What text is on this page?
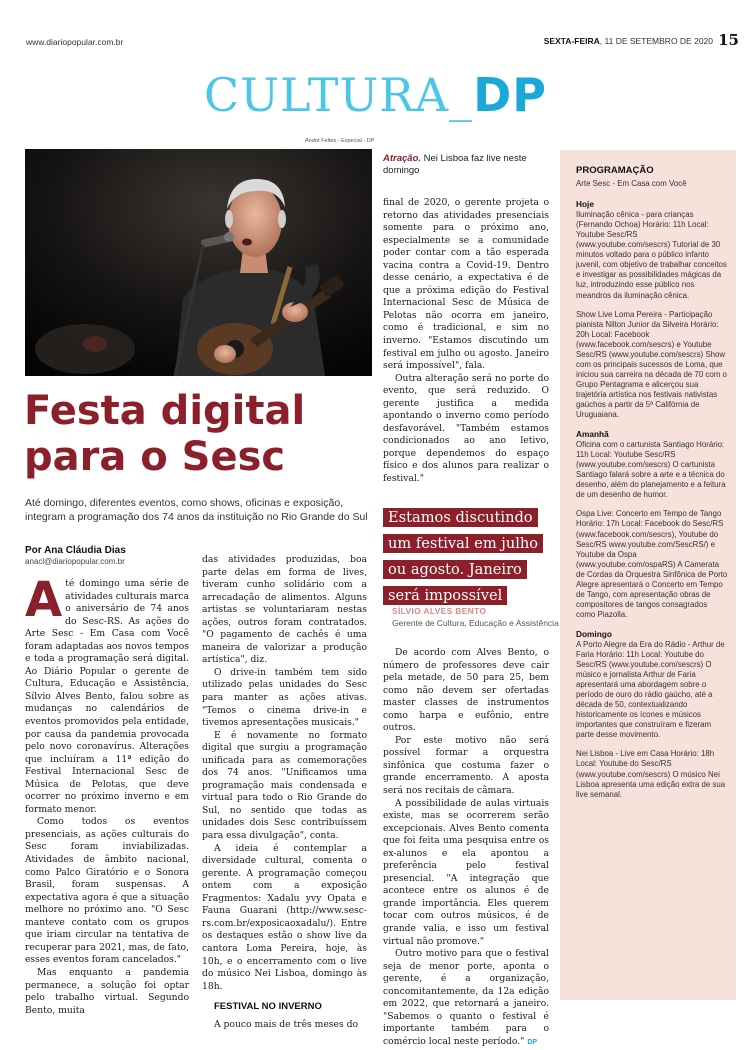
www.diariopopular.com.br	SEXTA-FEIRA, 11 DE SETEMBRO DE 2020 15
CULTURA_DP
André Feltes - Especial - DP
Festa digital
para o Sesc
Até domingo, diferentes eventos, como shows, oficinas e exposição, integram a programação dos 74 anos da instituição no Rio Grande do Sul
Por Ana Cláudia Dias
anacl@diariopopular.com.br

Até domingo uma série de atividades culturais marca o aniversário de 74 anos do Sesc-RS. As ações do Arte Sesc - Em Casa com Você foram adaptadas aos novos tempos e toda a programação será digital. Ao Diário Popular o gerente de Cultura, Educação e Assistência, Sílvio Alves Bento, falou sobre as mudanças no calendários de eventos promovidos pela entidade, por causa da pandemia provocada pelo novo coronavírus. Alterações que incluíram a 11ª edição do Festival Internacional Sesc de Música de Pelotas, que deve ocorrer no próximo inverno e em formato menor.

Como todos os eventos presenciais, as ações culturais do Sesc foram inviabilizadas. Atividades de âmbito nacional, como Palco Giratório e o Sonora Brasil, foram suspensas. A expectativa agora é que a situação melhore no próximo ano. "O Sesc manteve contato com os grupos que iriam circular na tentativa de recuperar para 2021, mas, de fato, esses eventos foram cancelados."

Mas enquanto a pandemia permanece, a solução foi optar pelo trabalho virtual. Segundo Bento, muita

das atividades produzidas, boa parte delas em forma de lives, tiveram cunho solidário com a arrecadação de alimentos. Alguns artistas se voluntariaram nestas ações, outros foram contratados. "O pagamento de cachês é uma maneira de valorizar a produção artística", diz.

O drive-in também tem sido utilizado pelas unidades do Sesc para manter as ações ativas. "Temos o cinema drive-in e tivemos apresentações musicais."

E é novamente no formato digital que surgiu a programação unificada para as comemorações dos 74 anos. "Unificamos uma programação mais condensada e virtual para todo o Rio Grande do Sul, no sentido que todas as unidades dois Sesc contribuíssem para essa divulgação", conta.

A ideia é contemplar a diversidade cultural, comenta o gerente. A programação começou ontem com a exposição Fragmentos: Xadalu yvy Opata e Fauna Guarani (http://www.sesc-rs.com.br/exposicaoxadalu/). Entre os destaques estão o show live da cantora Loma Pereira, hoje, às 10h, e o encerramento com o live do músico Nei Lisboa, domingo às 18h.

FESTIVAL NO INVERNO

A pouco mais de três meses do

Atração. Nei Lisboa faz live neste domingo

final de 2020, o gerente projeta o retorno das atividades presenciais somente para o próximo ano, especialmente se a comunidade poder contar com a tão esperada vacina contra a Covid-19. Dentro desse cenário, a expectativa é de que a próxima edição do Festival Internacional Sesc de Música de Pelotas não ocorra em janeiro, como é tradicional, e sim no inverno. "Estamos discutindo um festival em julho ou agosto. Janeiro será impossível", fala.

Outra alteração será no porte do evento, que será reduzido. O gerente justifica a medida apontando o inverno como período desfavorável. "Também estamos condicionados ao ano letivo, porque dependemos do espaço físico e dos alunos para realizar o festival."

Estamos discutindo um festival em julho ou agosto. Janeiro será impossível
SÍLVIO ALVES BENTO
Gerente de Cultura, Educação e Assistência

De acordo com Alves Bento, o número de professores deve cair pela metade, de 50 para 25, bem como não devem ser ofertadas master classes de instrumentos como harpa e eufônio, entre outros.

Por este motivo não será possível formar a orquestra sinfônica que costuma fazer o grande encerramento. A aposta será nos recitais de câmara.

A possibilidade de aulas virtuais existe, mas se ocorrerem serão excepcionais. Alves Bento comenta que foi feita uma pesquisa entre os ex-alunos e ela apontou a preferência pelo festival presencial. "A integração que acontece entre os alunos é de grande importância. Eles querem tocar com outros músicos, é de grande valia, e isso um festival virtual não promove."

Outro motivo para que o festival seja de menor porte, aponta o gerente, é a organização, concomitantemente, da 12a edição em 2022, que retornará a janeiro. "Sabemos o quanto o festival é importante também para o comércio local neste período." DP

PROGRAMAÇÃO
Arte Sesc - Em Casa com Você
Hoje
Iluminação cênica - para crianças (Fernando Ochoa) Horário: 11h Local: Youtube Sesc/RS (www.youtube.com/sescrs) Tutorial de 30 minutos voltado para o público infanto juvenil, com objetivo de trabalhar conceitos e investigar as possibilidades mágicas da luz, introduzindo esse público nos meandros da iluminação cênica.
Show Live Loma Pereira - Participação pianista Nilton Junior da Silveira Horário: 20h Local: Facebook (www.facebook.com/sescrs) e Youtube Sesc/RS (www.youtube.com/sescrs) Show com os principais sucessos de Loma, que iniciou sua carreira na década de 70 com o Grupo Pentagrama e alicerçou sua trajetória artística nos festivais nativistas gaúchos a partir da 5ª Califórnia de Uruguaiana.
Amanhã
Oficina com o cartunista Santiago Horário: 11h Local: Youtube Sesc/RS (www.youtube.com/sescrs) O cartunista Santiago falará sobre a arte e a técnica do desenho, além do planejamento e a feitura de um desenho de humor.
Ospa Live: Concerto em Tempo de Tango Horário: 17h Local: Facebook do Sesc/RS (www.facebook.com/sescrs), Youtube do Sesc/RS www.youtube.com/SescRS/) e Youtube da Ospa (www.youtube.com/ospaRS) A Camerata de Cordas da Orquestra Sinfônica de Porto Alegre apresentará o Concerto em Tempo de Tango, com apresentação obras de compositores de tangos consagrados como Piazolla.
Domingo
A Porto Alegre da Era do Rádio - Arthur de Faria Horário: 11h Local: Youtube do Sesc/RS (www.youtube.com/sescrs) O músico e jornalista Arthur de Faria apresentará uma abordagem sobre o período de ouro do rádio gaúcho, até a década de 50, contextualizando historicamente os ícones e músicos importantes que construíram e fizeram parte desse movimento.
Nei Lisboa - Live em Casa Horário: 18h Local: Youtube do Sesc/RS (www.youtube.com/sescrs) O músico Nei Lisboa apresenta uma edição extra de sua live semanal.
